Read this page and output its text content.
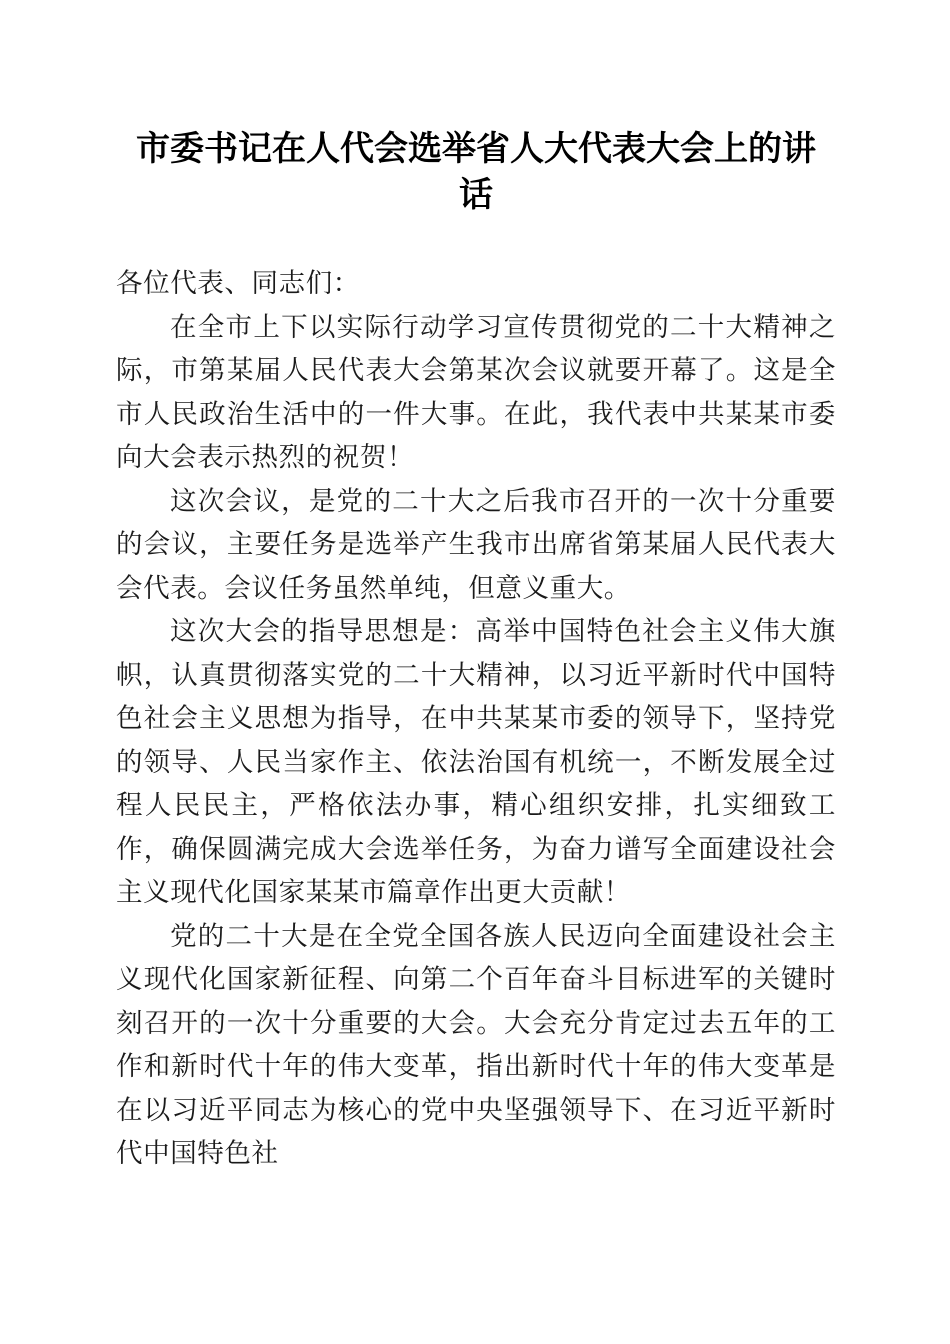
市委书记在人代会选举省人大代表大会上的讲话

各位代表、同志们：

在全市上下以实际行动学习宣传贯彻党的二十大精神之际，市第某届人民代表大会第某次会议就要开幕了。这是全市人民政治生活中的一件大事。在此，我代表中共某某市委向大会表示热烈的祝贺！

这次会议，是党的二十大之后我市召开的一次十分重要的会议，主要任务是选举产生我市出席省第某届人民代表大会代表。会议任务虽然单纯，但意义重大。

这次大会的指导思想是：高举中国特色社会主义伟大旗帜，认真贯彻落实党的二十大精神，以习近平新时代中国特色社会主义思想为指导，在中共某某市委的领导下，坚持党的领导、人民当家作主、依法治国有机统一，不断发展全过程人民民主，严格依法办事，精心组织安排，扎实细致工作，确保圆满完成大会选举任务，为奋力谱写全面建设社会主义现代化国家某某市篇章作出更大贡献！

党的二十大是在全党全国各族人民迈向全面建设社会主义现代化国家新征程、向第二个百年奋斗目标进军的关键时刻召开的一次十分重要的大会。大会充分肯定过去五年的工作和新时代十年的伟大变革，指出新时代十年的伟大变革是在以习近平同志为核心的党中央坚强领导下、在习近平新时代中国特色社
